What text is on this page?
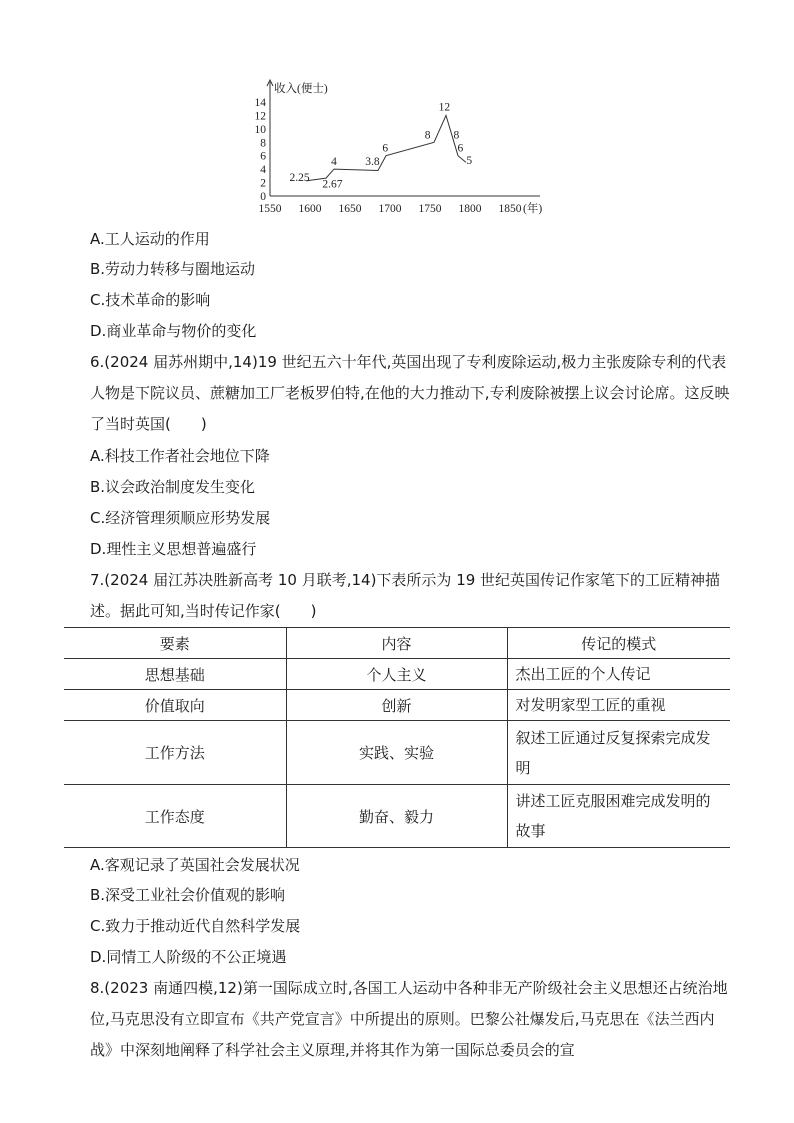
收入(便士)
0
2
4
6
8
10
12
14
1550 1600 1650 1700 1750 1800 1850 (年)
2.25
2.67
4 3.8
6
8
12
8
6
5
A.工人运动的作用
B.劳动力转移与圈地运动
C.技术革命的影响
D.商业革命与物价的变化
6.(2024 届苏州期中,14)19 世纪五六十年代,英国出现了专利废除运动,极力主张废除专利的代表人物是下院议员、蔗糖加工厂老板罗伯特,在他的大力推动下,专利废除被摆上议会讨论席。这反映了当时英国(　　)
A.科技工作者社会地位下降
B.议会政治制度发生变化
C.经济管理须顺应形势发展
D.理性主义思想普遍盛行
7.(2024 届江苏决胜新高考 10 月联考,14)下表所示为 19 世纪英国传记作家笔下的工匠精神描述。据此可知,当时传记作家(　　)
要素	内容	传记的模式
思想基础	个人主义	杰出工匠的个人传记
价值取向	创新	对发明家型工匠的重视
工作方法	实践、实验	叙述工匠通过反复探索完成发明
工作态度	勤奋、毅力	讲述工匠克服困难完成发明的故事
A.客观记录了英国社会发展状况
B.深受工业社会价值观的影响
C.致力于推动近代自然科学发展
D.同情工人阶级的不公正境遇
8.(2023 南通四模,12)第一国际成立时,各国工人运动中各种非无产阶级社会主义思想还占统治地位,马克思没有立即宣布《共产党宣言》中所提出的原则。巴黎公社爆发后,马克思在《法兰西内战》中深刻地阐释了科学社会主义原理,并将其作为第一国际总委员会的宣
